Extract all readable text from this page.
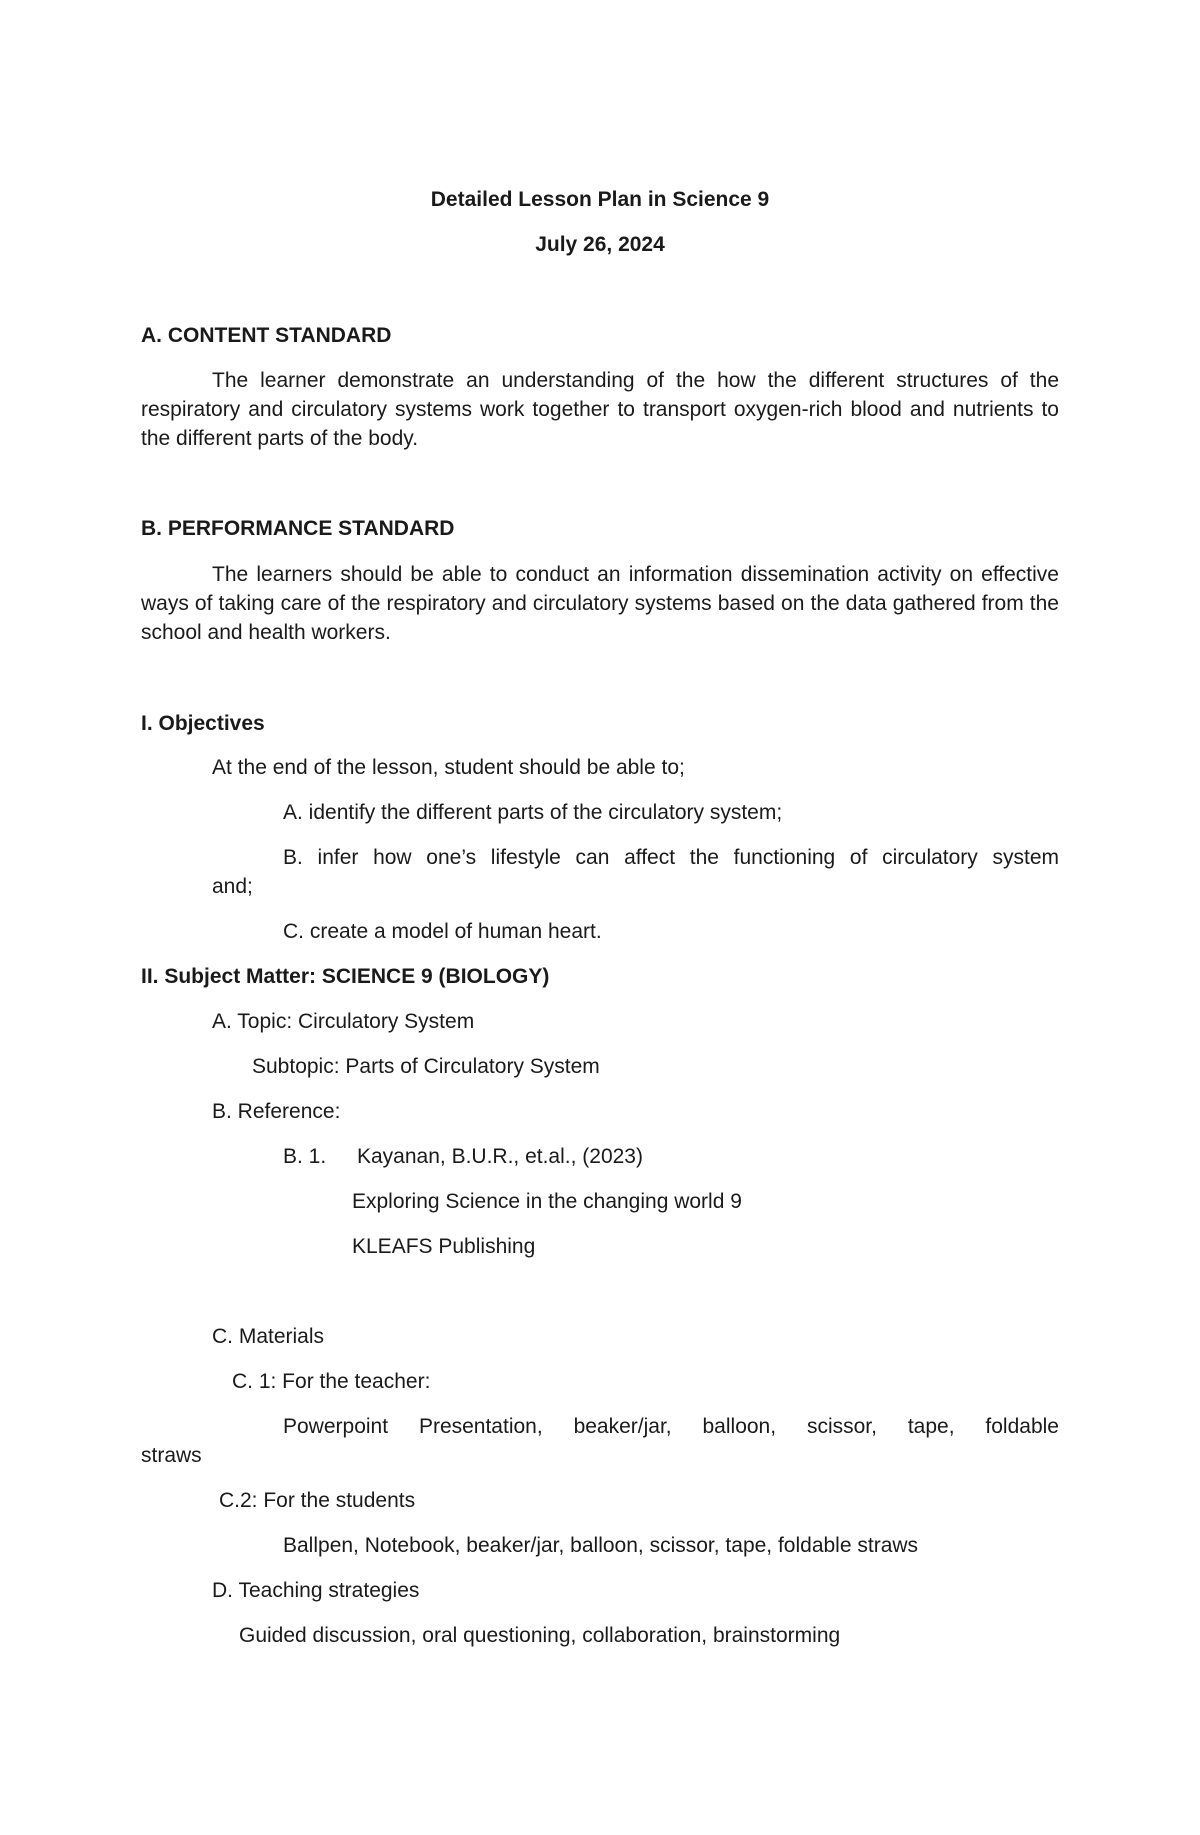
Detailed Lesson Plan in Science 9
July 26, 2024
A. CONTENT STANDARD
The learner demonstrate an understanding of the how the different structures of the respiratory and circulatory systems work together to transport oxygen-rich blood and nutrients to the different parts of the body.
B. PERFORMANCE STANDARD
The learners should be able to conduct an information dissemination activity on effective ways of taking care of the respiratory and circulatory systems based on the data gathered from the school and health workers.
I. Objectives
At the end of the lesson, student should be able to;
A. identify the different parts of the circulatory system;
B. infer how one’s lifestyle can affect the functioning of circulatory system
and;
C. create a model of human heart.
II. Subject Matter: SCIENCE 9 (BIOLOGY)
A. Topic: Circulatory System
Subtopic: Parts of Circulatory System
B. Reference:
B. 1. Kayanan, B.U.R., et.al., (2023)
Exploring Science in the changing world 9
KLEAFS Publishing
C. Materials
C. 1: For the teacher:
Powerpoint Presentation, beaker/jar, balloon, scissor, tape, foldable
straws
C.2: For the students
Ballpen, Notebook, beaker/jar, balloon, scissor, tape, foldable straws
D. Teaching strategies
Guided discussion, oral questioning, collaboration, brainstorming
